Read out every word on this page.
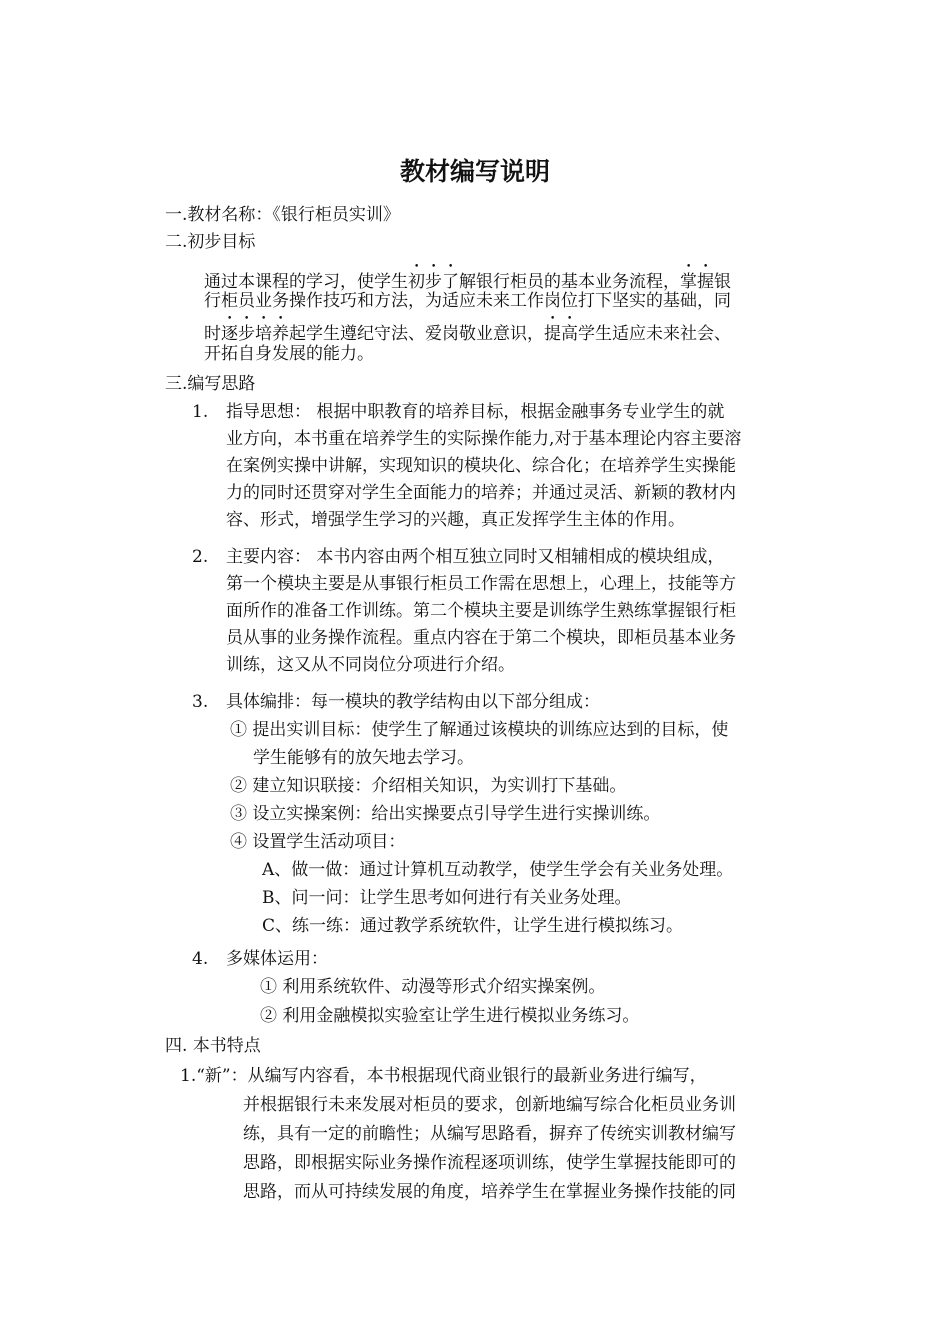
教材编写说明
一.教材名称：《银行柜员实训》
二.初步目标
通过本课程的学习，使学生初步了解银行柜员的基本业务流程，掌握银
行柜员业务操作技巧和方法，为适应未来工作岗位打下坚实的基础，同
时逐步培养起学生遵纪守法、爱岗敬业意识，提高学生适应未来社会、
开拓自身发展的能力。
三.编写思路
1. 指导思想： 根据中职教育的培养目标，根据金融事务专业学生的就
业方向，本书重在培养学生的实际操作能力,对于基本理论内容主要溶
在案例实操中讲解，实现知识的模块化、综合化；在培养学生实操能
力的同时还贯穿对学生全面能力的培养；并通过灵活、新颖的教材内
容、形式，增强学生学习的兴趣，真正发挥学生主体的作用。
2. 主要内容： 本书内容由两个相互独立同时又相辅相成的模块组成，
第一个模块主要是从事银行柜员工作需在思想上，心理上，技能等方
面所作的准备工作训练。第二个模块主要是训练学生熟练掌握银行柜
员从事的业务操作流程。重点内容在于第二个模块，即柜员基本业务
训练，这又从不同岗位分项进行介绍。
3. 具体编排：每一模块的教学结构由以下部分组成：
① 提出实训目标：使学生了解通过该模块的训练应达到的目标，使
学生能够有的放矢地去学习。
② 建立知识联接：介绍相关知识，为实训打下基础。
③ 设立实操案例：给出实操要点引导学生进行实操训练。
④ 设置学生活动项目：
A、做一做：通过计算机互动教学，使学生学会有关业务处理。
B、问一问：让学生思考如何进行有关业务处理。
C、练一练：通过教学系统软件，让学生进行模拟练习。
4. 多媒体运用：
① 利用系统软件、动漫等形式介绍实操案例。
② 利用金融模拟实验室让学生进行模拟业务练习。
四. 本书特点
1.“新”：从编写内容看，本书根据现代商业银行的最新业务进行编写，
并根据银行未来发展对柜员的要求，创新地编写综合化柜员业务训
练，具有一定的前瞻性；从编写思路看，摒弃了传统实训教材编写
思路，即根据实际业务操作流程逐项训练，使学生掌握技能即可的
思路，而从可持续发展的角度，培养学生在掌握业务操作技能的同
